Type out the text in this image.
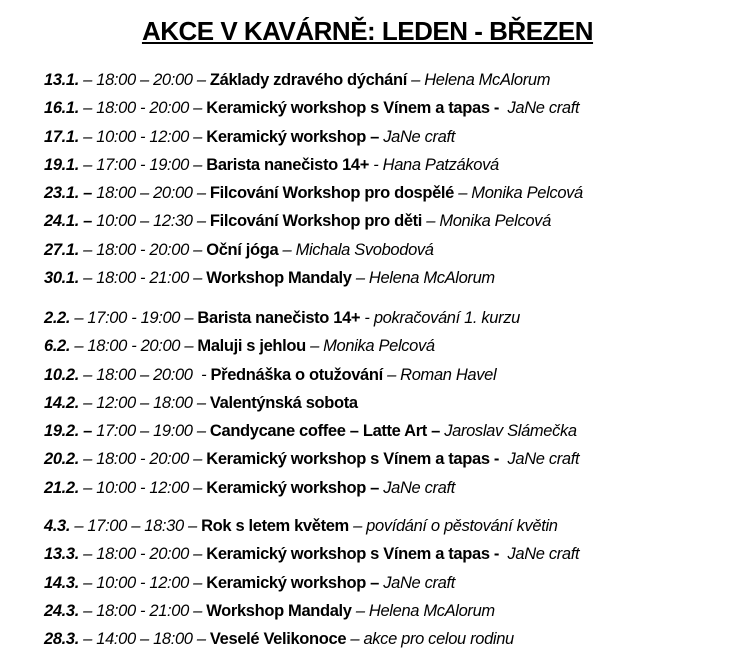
AKCE V KAVÁRNĚ: LEDEN - BŘEZEN
13.1. – 18:00 – 20:00 – Základy zdravého dýchání – Helena McAlorum
16.1. – 18:00 - 20:00 – Keramický workshop s Vínem a tapas -  JaNe craft
17.1. – 10:00 - 12:00 – Keramický workshop – JaNe craft
19.1. – 17:00 - 19:00 – Barista nanečisto 14+ - Hana Patzáková
23.1. – 18:00 – 20:00 – Filcování Workshop pro dospělé – Monika Pelcová
24.1. – 10:00 – 12:30 – Filcování Workshop pro děti – Monika Pelcová
27.1. – 18:00 - 20:00 – Oční jóga – Michala Svobodová
30.1. – 18:00 - 21:00 – Workshop Mandaly – Helena McAlorum
2.2. – 17:00 - 19:00 – Barista nanečisto 14+ - pokračování 1. kurzu
6.2. – 18:00 - 20:00 – Maluji s jehlou – Monika Pelcová
10.2. – 18:00 – 20:00  - Přednáška o otužování – Roman Havel
14.2. – 12:00 – 18:00 – Valentýnská sobota
19.2. – 17:00 – 19:00 – Candycane coffee – Latte Art – Jaroslav Slámečka
20.2. – 18:00 - 20:00 – Keramický workshop s Vínem a tapas -  JaNe craft
21.2. – 10:00 - 12:00 – Keramický workshop – JaNe craft
4.3. – 17:00 – 18:30 – Rok s letem květem – povídání o pěstování květin
13.3. – 18:00 - 20:00 – Keramický workshop s Vínem a tapas -  JaNe craft
14.3. – 10:00 - 12:00 – Keramický workshop – JaNe craft
24.3. – 18:00 - 21:00 – Workshop Mandaly – Helena McAlorum
28.3. – 14:00 – 18:00 – Veselé Velikonoce – akce pro celou rodinu
